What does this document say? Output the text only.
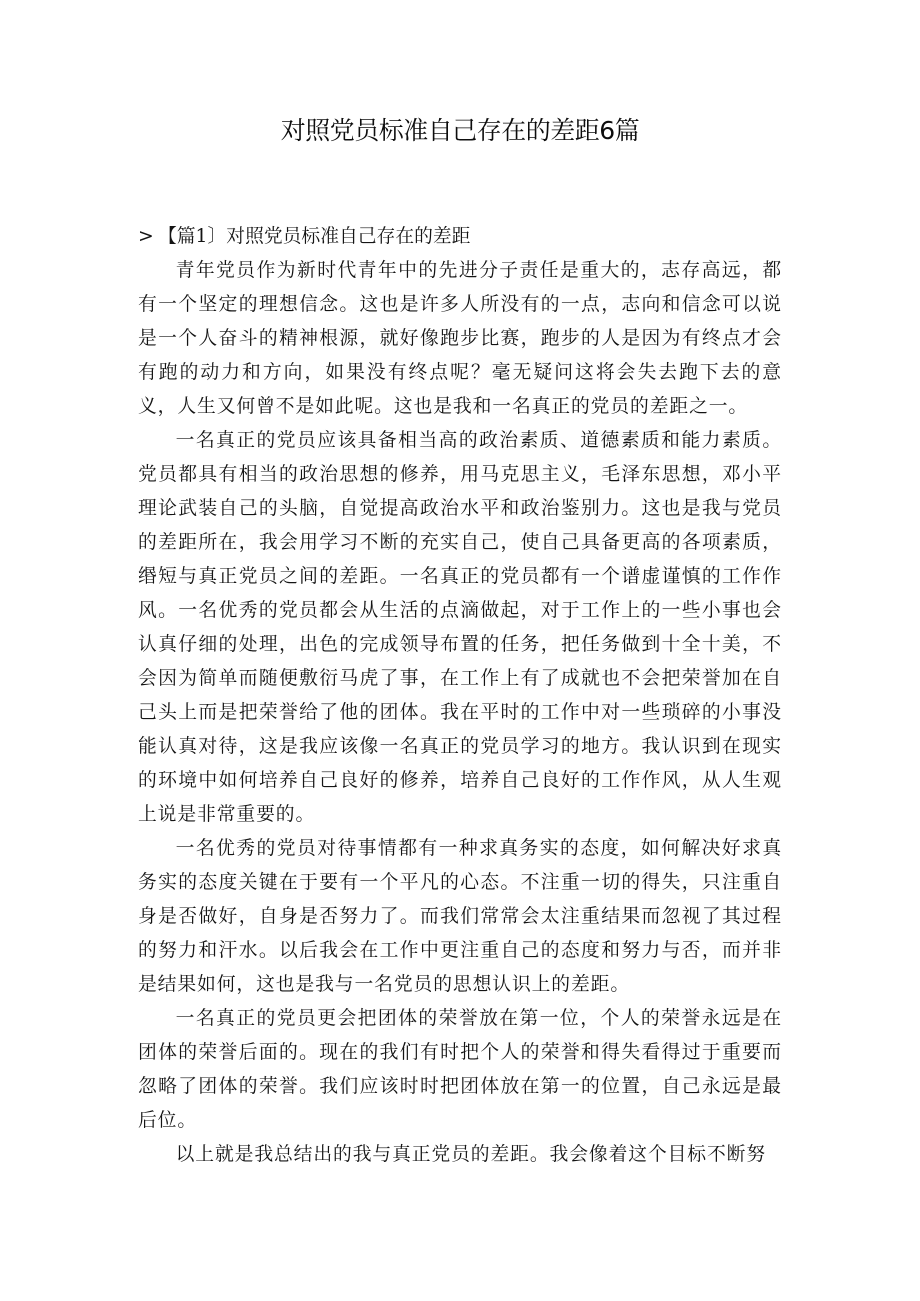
对照党员标准自己存在的差距6篇
> 【篇1〕对照党员标准自己存在的差距

青年党员作为新时代青年中的先进分子责任是重大的，志存高远，都有一个坚定的理想信念。这也是许多人所没有的一点，志向和信念可以说是一个人奋斗的精神根源，就好像跑步比赛，跑步的人是因为有终点才会有跑的动力和方向，如果没有终点呢？毫无疑问这将会失去跑下去的意义，人生又何曾不是如此呢。这也是我和一名真正的党员的差距之一。

一名真正的党员应该具备相当高的政治素质、道德素质和能力素质。党员都具有相当的政治思想的修养，用马克思主义，毛泽东思想，邓小平理论武装自己的头脑，自觉提高政治水平和政治鉴别力。这也是我与党员的差距所在，我会用学习不断的充实自己，使自己具备更高的各项素质，缗短与真正党员之间的差距。一名真正的党员都有一个谱虚谨慎的工作作风。一名优秀的党员都会从生活的点滴做起，对于工作上的一些小事也会认真仔细的处理，出色的完成领导布置的任务，把任务做到十全十美，不会因为简单而随便敷衍马虎了事，在工作上有了成就也不会把荣誉加在自己头上而是把荣誉给了他的团体。我在平时的工作中对一些琐碎的小事没能认真对待，这是我应该像一名真正的党员学习的地方。我认识到在现实的环境中如何培养自己良好的修养，培养自己良好的工作作风，从人生观上说是非常重要的。

一名优秀的党员对待事情都有一种求真务实的态度，如何解决好求真务实的态度关键在于要有一个平凡的心态。不注重一切的得失，只注重自身是否做好，自身是否努力了。而我们常常会太注重结果而忽视了其过程的努力和汗水。以后我会在工作中更注重自己的态度和努力与否，而并非是结果如何，这也是我与一名党员的思想认识上的差距。

一名真正的党员更会把团体的荣誉放在第一位，个人的荣誉永远是在团体的荣誉后面的。现在的我们有时把个人的荣誉和得失看得过于重要而忽略了团体的荣誉。我们应该时时把团体放在第一的位置，自己永远是最后位。

以上就是我总结出的我与真正党员的差距。我会像着这个目标不断努
